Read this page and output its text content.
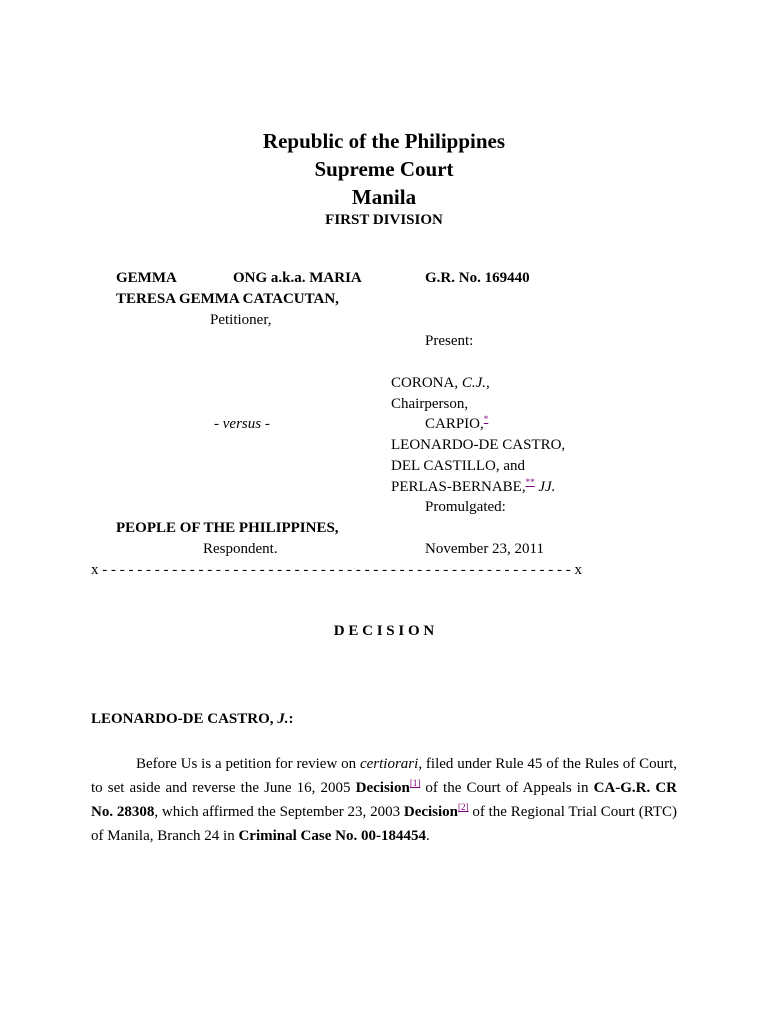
Republic of the Philippines
Supreme Court
Manila
FIRST DIVISION
GEMMA	ONG a.k.a. MARIA
TERESA GEMMA CATACUTAN,
Petitioner,
- versus -
PEOPLE OF THE PHILIPPINES,
Respondent.
G.R. No. 169440
Present:
CORONA, C.J.,
Chairperson,
CARPIO,*
LEONARDO-DE CASTRO,
DEL CASTILLO, and
PERLAS-BERNABE,** JJ.
Promulgated:
November 23, 2011
x - - - - - - - - - - - - - - - - - - - - - - - - - - - - - - - - - - - - - - - - - - - - - - - - - - - - - - x
D E C I S I O N
LEONARDO-DE CASTRO, J.:
Before Us is a petition for review on certiorari, filed under Rule 45 of the Rules of Court, to set aside and reverse the June 16, 2005 Decision[1] of the Court of Appeals in CA-G.R. CR No. 28308, which affirmed the September 23, 2003 Decision[2] of the Regional Trial Court (RTC) of Manila, Branch 24 in Criminal Case No. 00-184454.
